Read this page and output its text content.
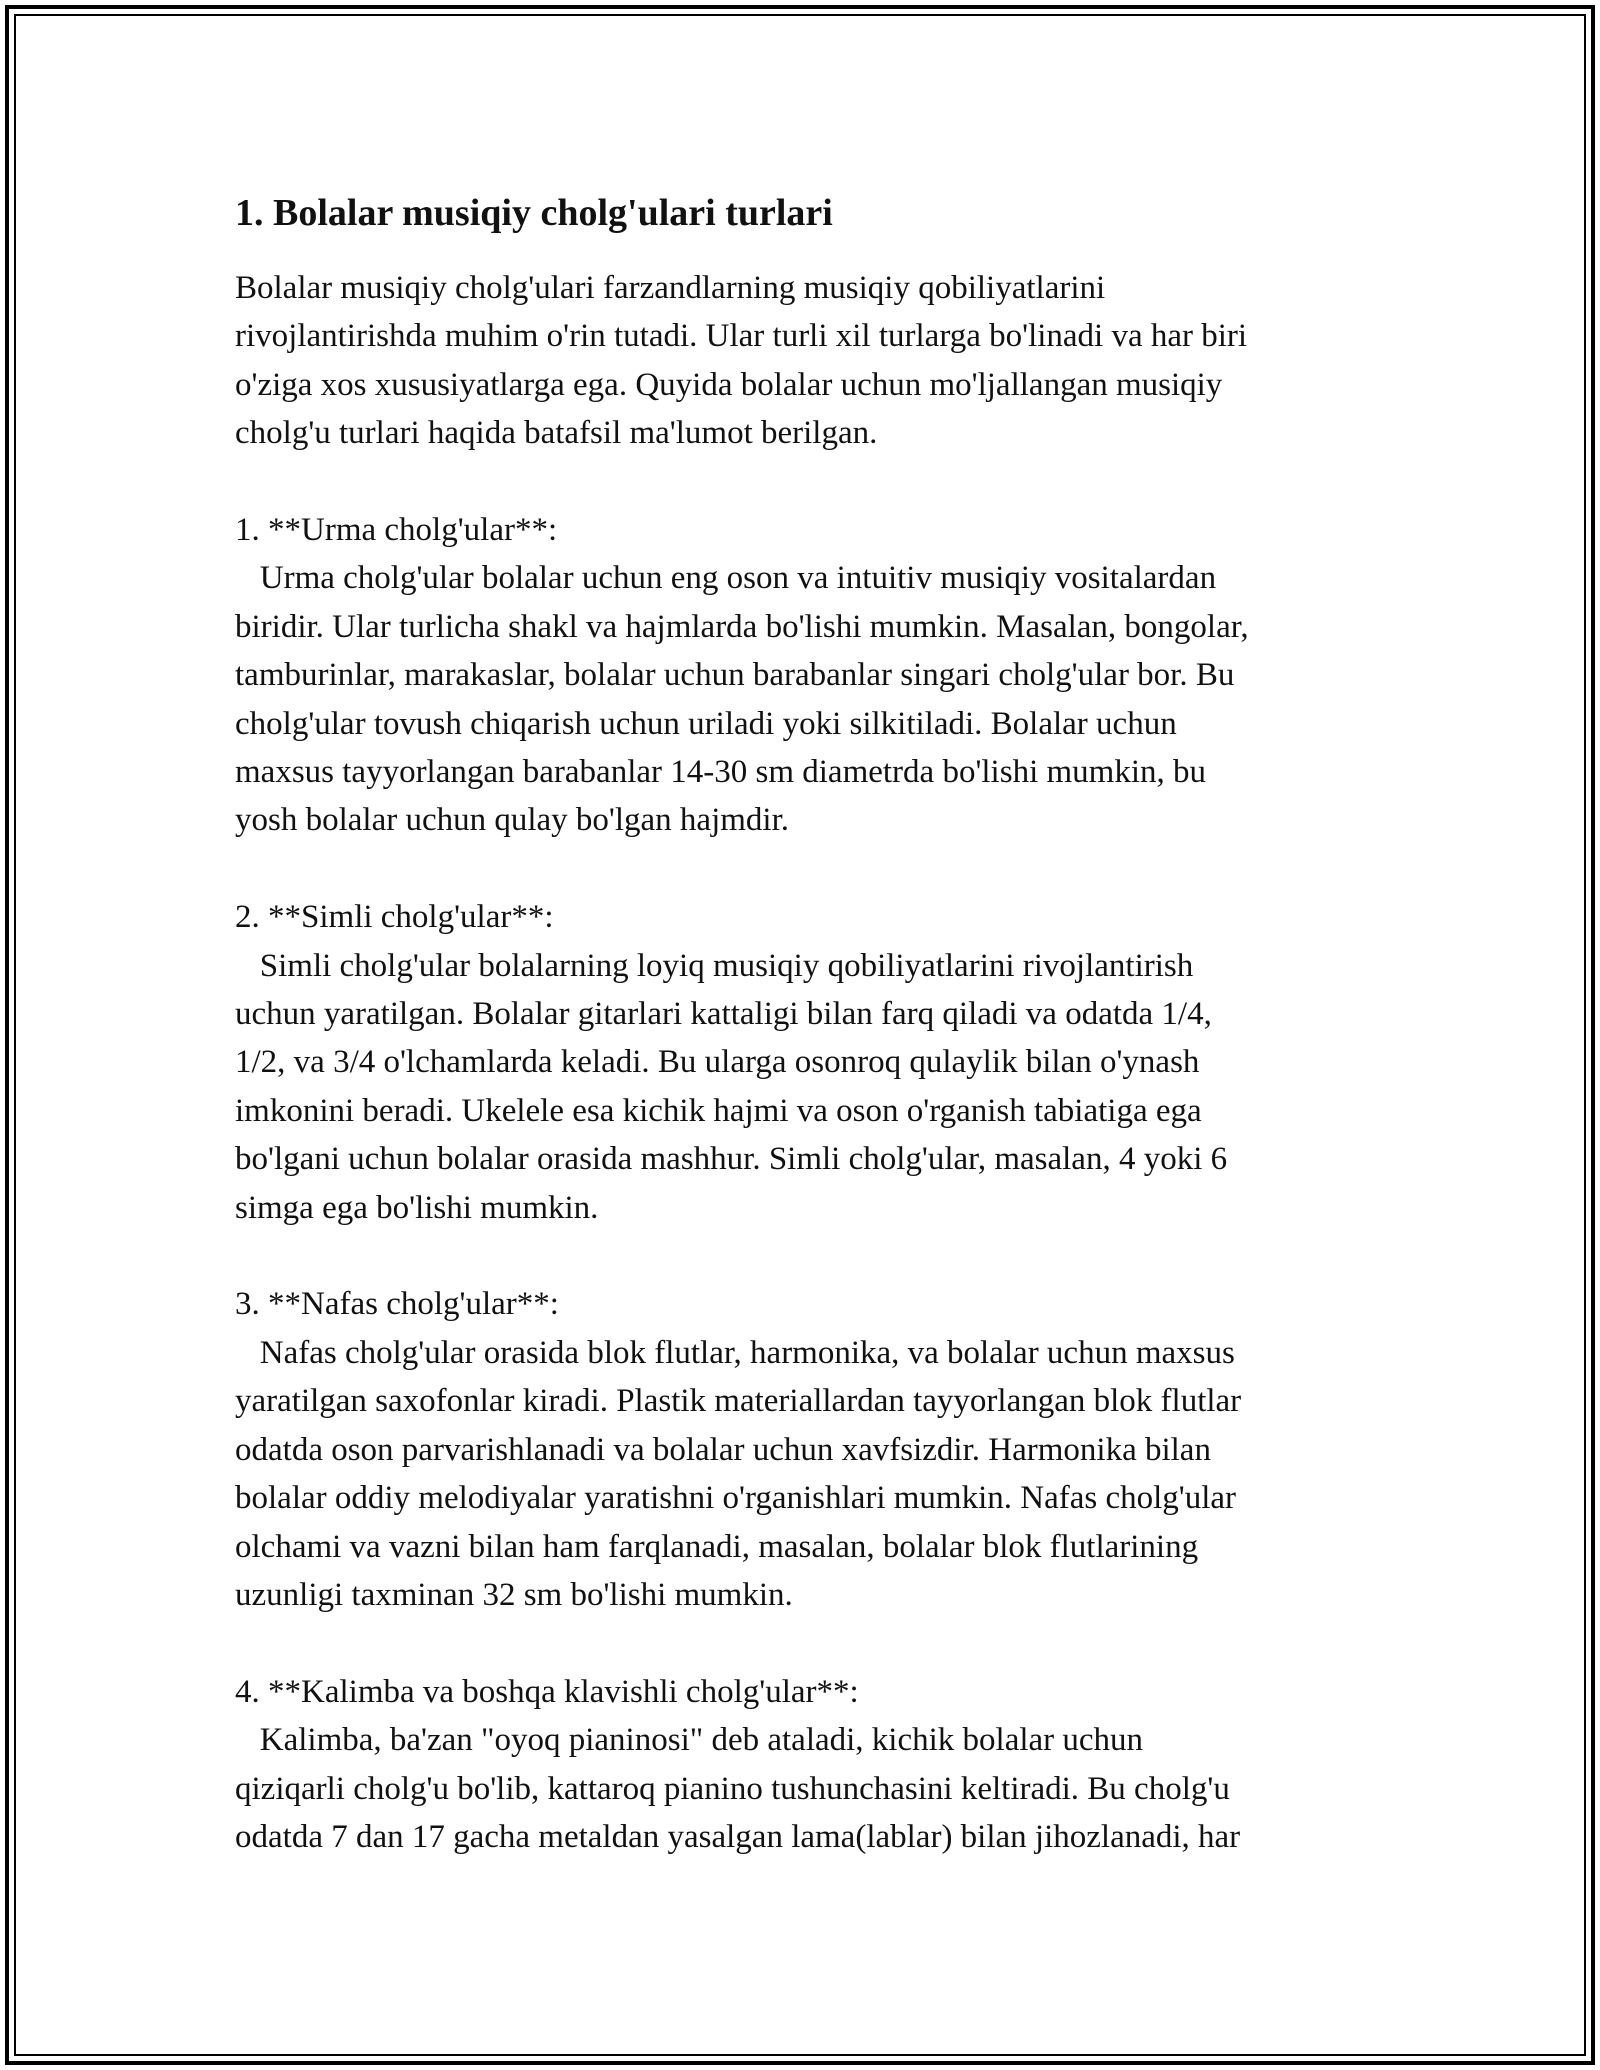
1. Bolalar musiqiy cholg'ulari turlari
Bolalar musiqiy cholg'ulari farzandlarning musiqiy qobiliyatlarini
rivojlantirishda muhim o'rin tutadi. Ular turli xil turlarga bo'linadi va har biri
o'ziga xos xususiyatlarga ega. Quyida bolalar uchun mo'ljallangan musiqiy
cholg'u turlari haqida batafsil ma'lumot berilgan.
1. **Urma cholg'ular**:
Urma cholg'ular bolalar uchun eng oson va intuitiv musiqiy vositalardan
biridir. Ular turlicha shakl va hajmlarda bo'lishi mumkin. Masalan, bongolar,
tamburinlar, marakaslar, bolalar uchun barabanlar singari cholg'ular bor. Bu
cholg'ular tovush chiqarish uchun uriladi yoki silkitiladi. Bolalar uchun
maxsus tayyorlangan barabanlar 14-30 sm diametrda bo'lishi mumkin, bu
yosh bolalar uchun qulay bo'lgan hajmdir.
2. **Simli cholg'ular**:
Simli cholg'ular bolalarning loyiq musiqiy qobiliyatlarini rivojlantirish
uchun yaratilgan. Bolalar gitarlari kattaligi bilan farq qiladi va odatda 1/4,
1/2, va 3/4 o'lchamlarda keladi. Bu ularga osonroq qulaylik bilan o'ynash
imkonini beradi. Ukelele esa kichik hajmi va oson o'rganish tabiatiga ega
bo'lgani uchun bolalar orasida mashhur. Simli cholg'ular, masalan, 4 yoki 6
simga ega bo'lishi mumkin.
3. **Nafas cholg'ular**:
Nafas cholg'ular orasida blok flutlar, harmonika, va bolalar uchun maxsus
yaratilgan saxofonlar kiradi. Plastik materiallardan tayyorlangan blok flutlar
odatda oson parvarishlanadi va bolalar uchun xavfsizdir. Harmonika bilan
bolalar oddiy melodiyalar yaratishni o'rganishlari mumkin. Nafas cholg'ular
olchami va vazni bilan ham farqlanadi, masalan, bolalar blok flutlarining
uzunligi taxminan 32 sm bo'lishi mumkin.
4. **Kalimba va boshqa klavishli cholg'ular**:
Kalimba, ba'zan "oyoq pianinosi" deb ataladi, kichik bolalar uchun
qiziqarli cholg'u bo'lib, kattaroq pianino tushunchasini keltiradi. Bu cholg'u
odatda 7 dan 17 gacha metaldan yasalgan lama(lablar) bilan jihozlanadi, har
